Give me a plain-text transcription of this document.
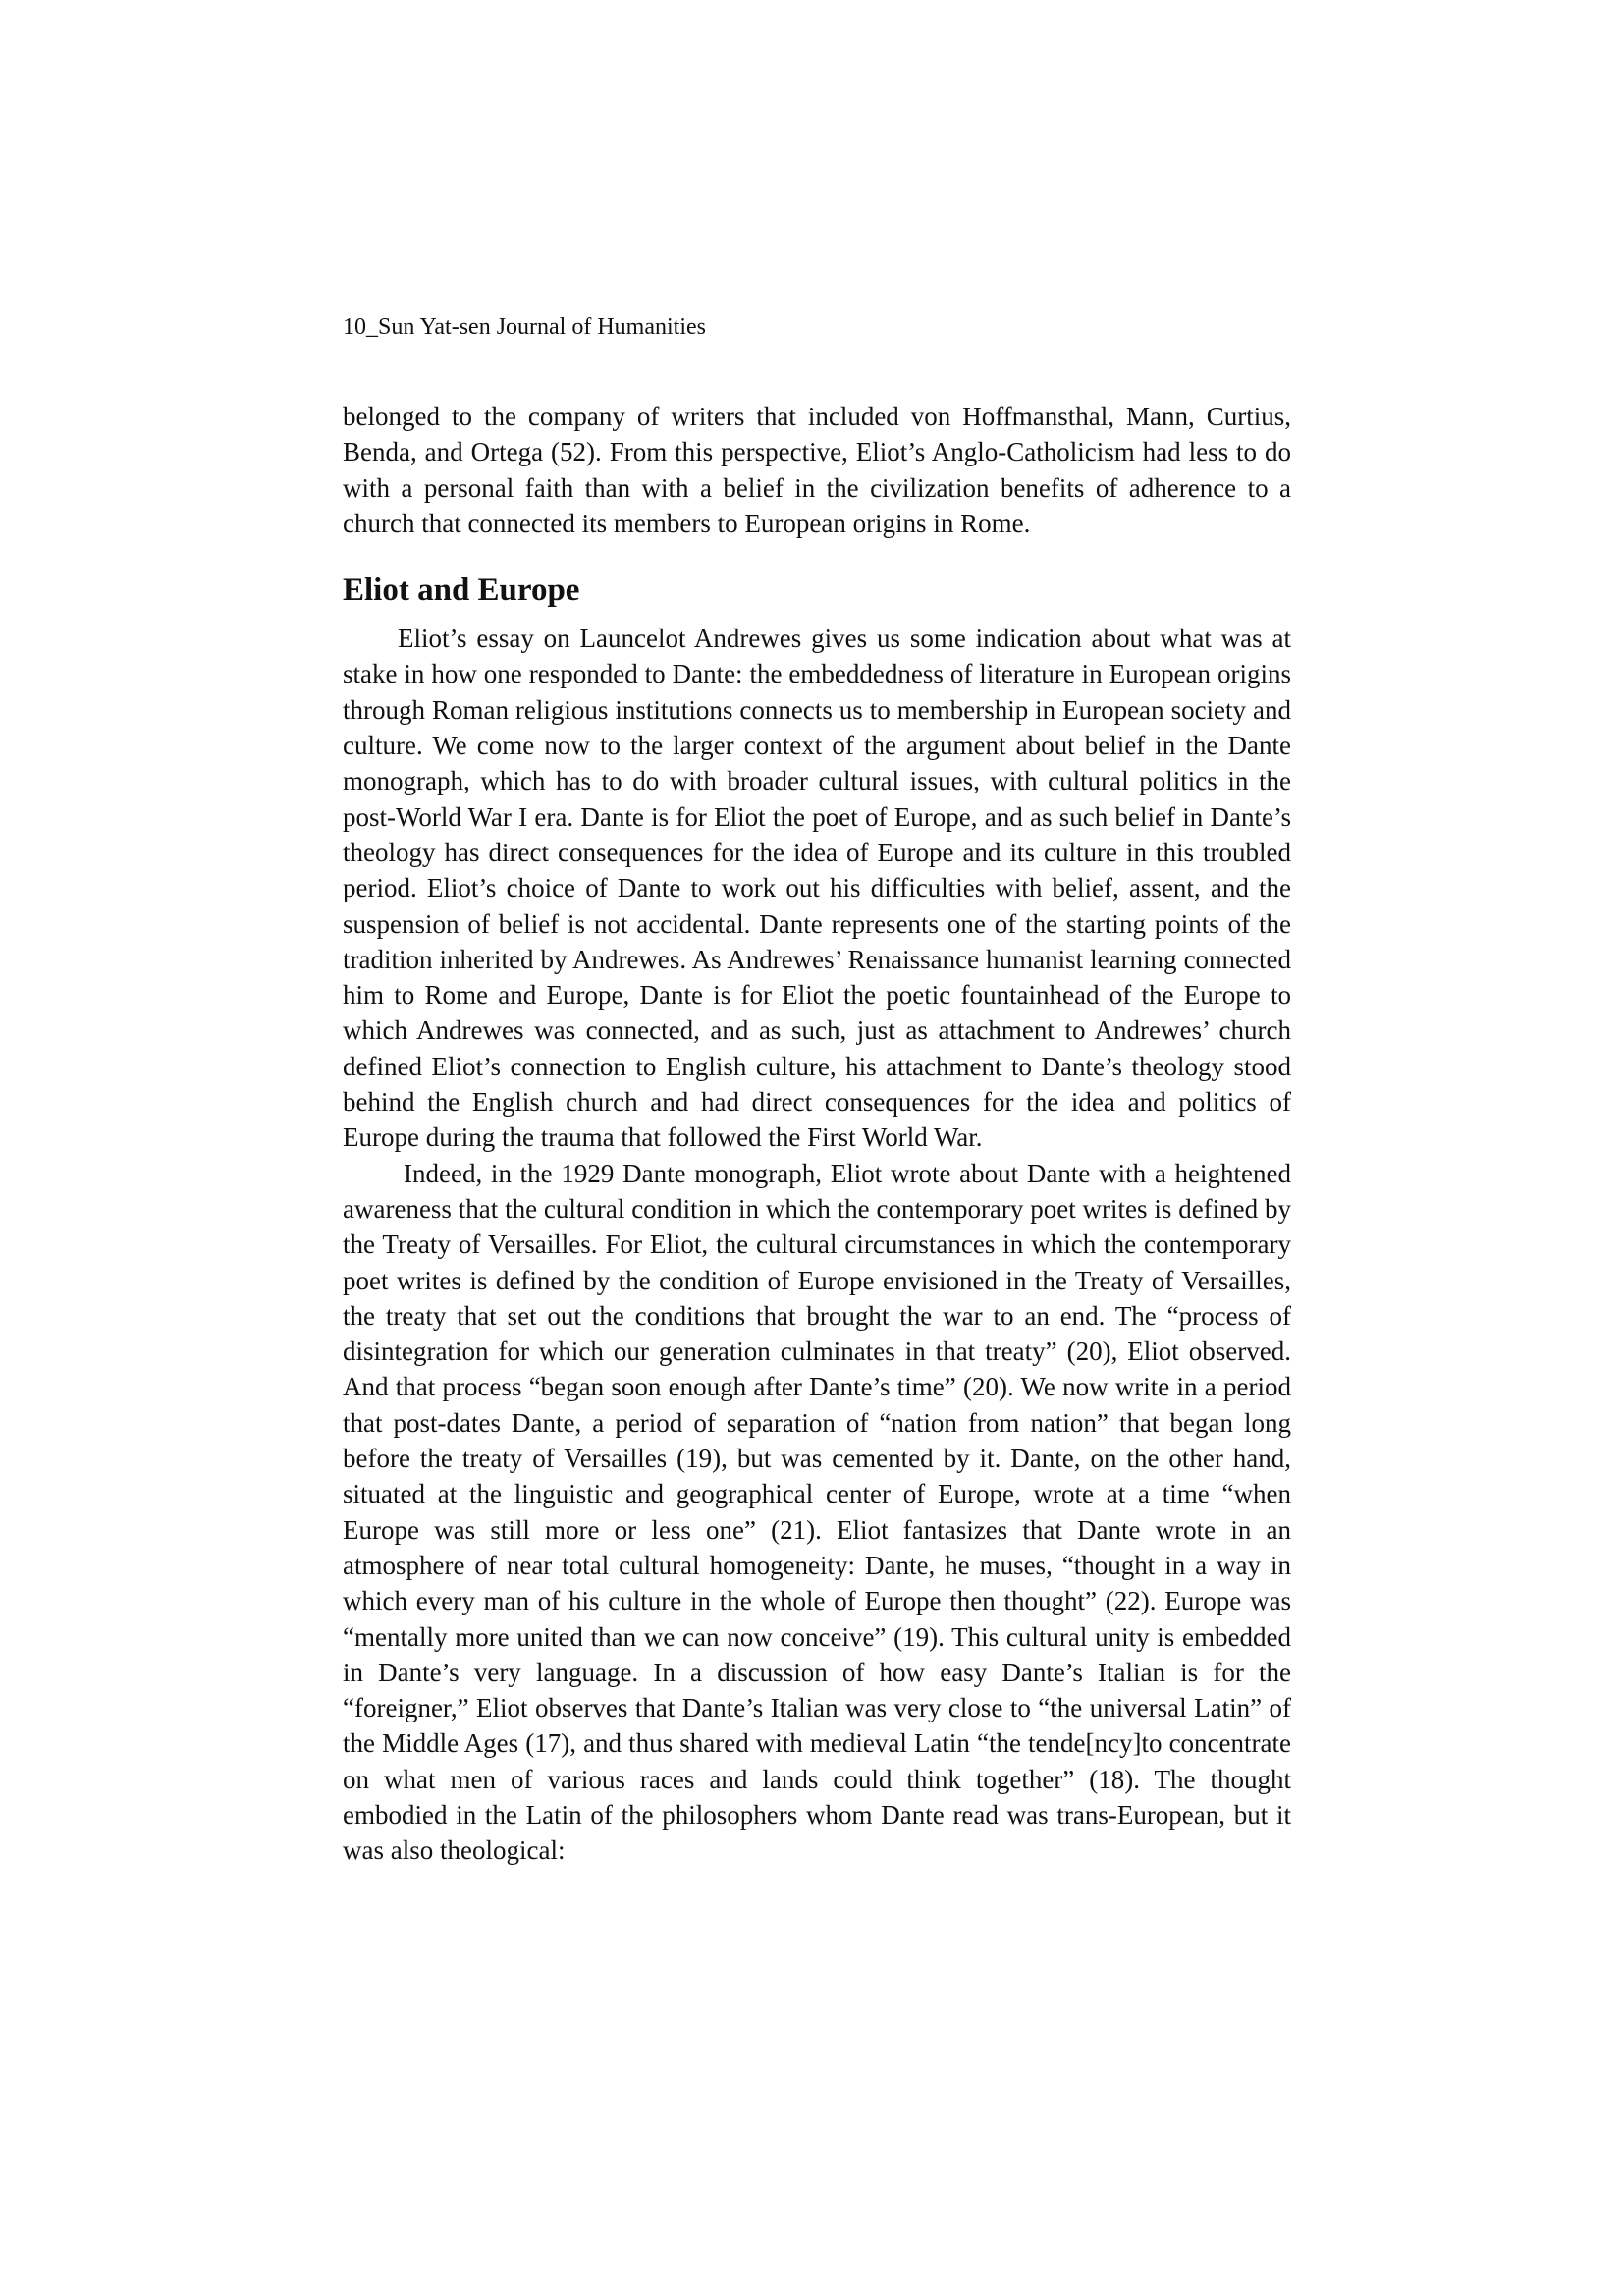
10_Sun Yat-sen Journal of Humanities

belonged to the company of writers that included von Hoffmansthal, Mann, Curtius, Benda, and Ortega (52). From this perspective, Eliot’s Anglo-Catholicism had less to do with a personal faith than with a belief in the civilization benefits of adherence to a church that connected its members to European origins in Rome.

Eliot and Europe

Eliot’s essay on Launcelot Andrewes gives us some indication about what was at stake in how one responded to Dante: the embeddedness of literature in European origins through Roman religious institutions connects us to membership in European society and culture. We come now to the larger context of the argument about belief in the Dante monograph, which has to do with broader cultural issues, with cultural politics in the post-World War I era. Dante is for Eliot the poet of Europe, and as such belief in Dante’s theology has direct consequences for the idea of Europe and its culture in this troubled period. Eliot’s choice of Dante to work out his difficulties with belief, assent, and the suspension of belief is not accidental. Dante represents one of the starting points of the tradition inherited by Andrewes. As Andrewes’ Renaissance humanist learning connected him to Rome and Europe, Dante is for Eliot the poetic fountainhead of the Europe to which Andrewes was connected, and as such, just as attachment to Andrewes’ church defined Eliot’s connection to English culture, his attachment to Dante’s theology stood behind the English church and had direct consequences for the idea and politics of Europe during the trauma that followed the First World War.

Indeed, in the 1929 Dante monograph, Eliot wrote about Dante with a heightened awareness that the cultural condition in which the contemporary poet writes is defined by the Treaty of Versailles. For Eliot, the cultural circumstances in which the contemporary poet writes is defined by the condition of Europe envisioned in the Treaty of Versailles, the treaty that set out the conditions that brought the war to an end. The “process of disintegration for which our generation culminates in that treaty” (20), Eliot observed. And that process “began soon enough after Dante’s time” (20). We now write in a period that post-dates Dante, a period of separation of “nation from nation” that began long before the treaty of Versailles (19), but was cemented by it. Dante, on the other hand, situated at the linguistic and geographical center of Europe, wrote at a time “when Europe was still more or less one” (21). Eliot fantasizes that Dante wrote in an atmosphere of near total cultural homogeneity: Dante, he muses, “thought in a way in which every man of his culture in the whole of Europe then thought” (22). Europe was “mentally more united than we can now conceive” (19). This cultural unity is embedded in Dante’s very language. In a discussion of how easy Dante’s Italian is for the “foreigner,” Eliot observes that Dante’s Italian was very close to “the universal Latin” of the Middle Ages (17), and thus shared with medieval Latin “the tende[ncy]to concentrate on what men of various races and lands could think together” (18). The thought embodied in the Latin of the philosophers whom Dante read was trans-European, but it was also theological:
